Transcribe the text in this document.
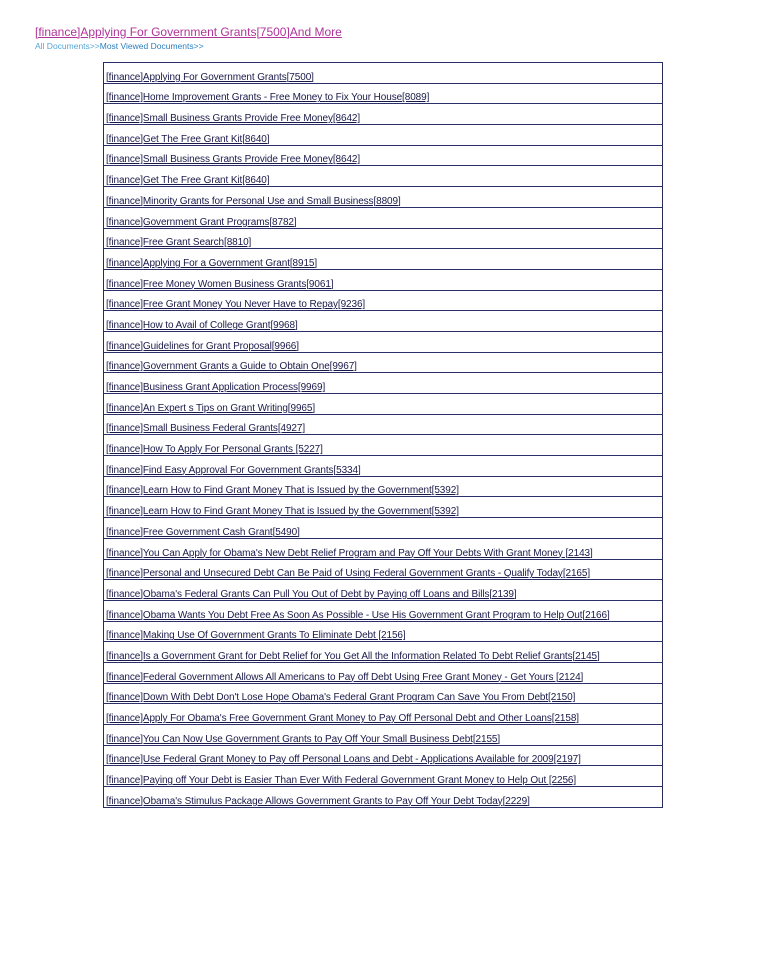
[finance]Applying For Government Grants[7500]And More
All Documents>>Most Viewed Documents>>
[finance]Applying For Government Grants[7500]
[finance]Home Improvement Grants - Free Money to Fix Your House[8089]
[finance]Small Business Grants Provide Free Money[8642]
[finance]Get The Free Grant Kit[8640]
[finance]Small Business Grants Provide Free Money[8642]
[finance]Get The Free Grant Kit[8640]
[finance]Minority Grants for Personal Use and Small Business[8809]
[finance]Government Grant Programs[8782]
[finance]Free Grant Search[8810]
[finance]Applying For a Government Grant[8915]
[finance]Free Money Women Business Grants[9061]
[finance]Free Grant Money You Never Have to Repay[9236]
[finance]How to Avail of College Grant[9968]
[finance]Guidelines for Grant Proposal[9966]
[finance]Government Grants a Guide to Obtain One[9967]
[finance]Business Grant Application Process[9969]
[finance]An Expert s Tips on Grant Writing[9965]
[finance]Small Business Federal Grants[4927]
[finance]How To Apply For Personal Grants [5227]
[finance]Find Easy Approval For Government Grants[5334]
[finance]Learn How to Find Grant Money That is Issued by the Government[5392]
[finance]Learn How to Find Grant Money That is Issued by the Government[5392]
[finance]Free Government Cash Grant[5490]
[finance]You Can Apply for Obama's New Debt Relief Program and Pay Off Your Debts With Grant Money [2143]
[finance]Personal and Unsecured Debt Can Be Paid of Using Federal Government Grants - Qualify Today[2165]
[finance]Obama's Federal Grants Can Pull You Out of Debt by Paying off Loans and Bills[2139]
[finance]Obama Wants You Debt Free As Soon As Possible - Use His Government Grant Program to Help Out[2166]
[finance]Making Use Of Government Grants To Eliminate Debt [2156]
[finance]Is a Government Grant for Debt Relief for You Get All the Information Related To Debt Relief Grants[2145]
[finance]Federal Government Allows All Americans to Pay off Debt Using Free Grant Money - Get Yours [2124]
[finance]Down With Debt Don't Lose Hope Obama's Federal Grant Program Can Save You From Debt[2150]
[finance]Apply For Obama's Free Government Grant Money to Pay Off Personal Debt and Other Loans[2158]
[finance]You Can Now Use Government Grants to Pay Off Your Small Business Debt[2155]
[finance]Use Federal Grant Money to Pay off Personal Loans and Debt - Applications Available for 2009[2197]
[finance]Paying off Your Debt is Easier Than Ever With Federal Government Grant Money to Help Out [2256]
[finance]Obama's Stimulus Package Allows Government Grants to Pay Off Your Debt Today[2229]
